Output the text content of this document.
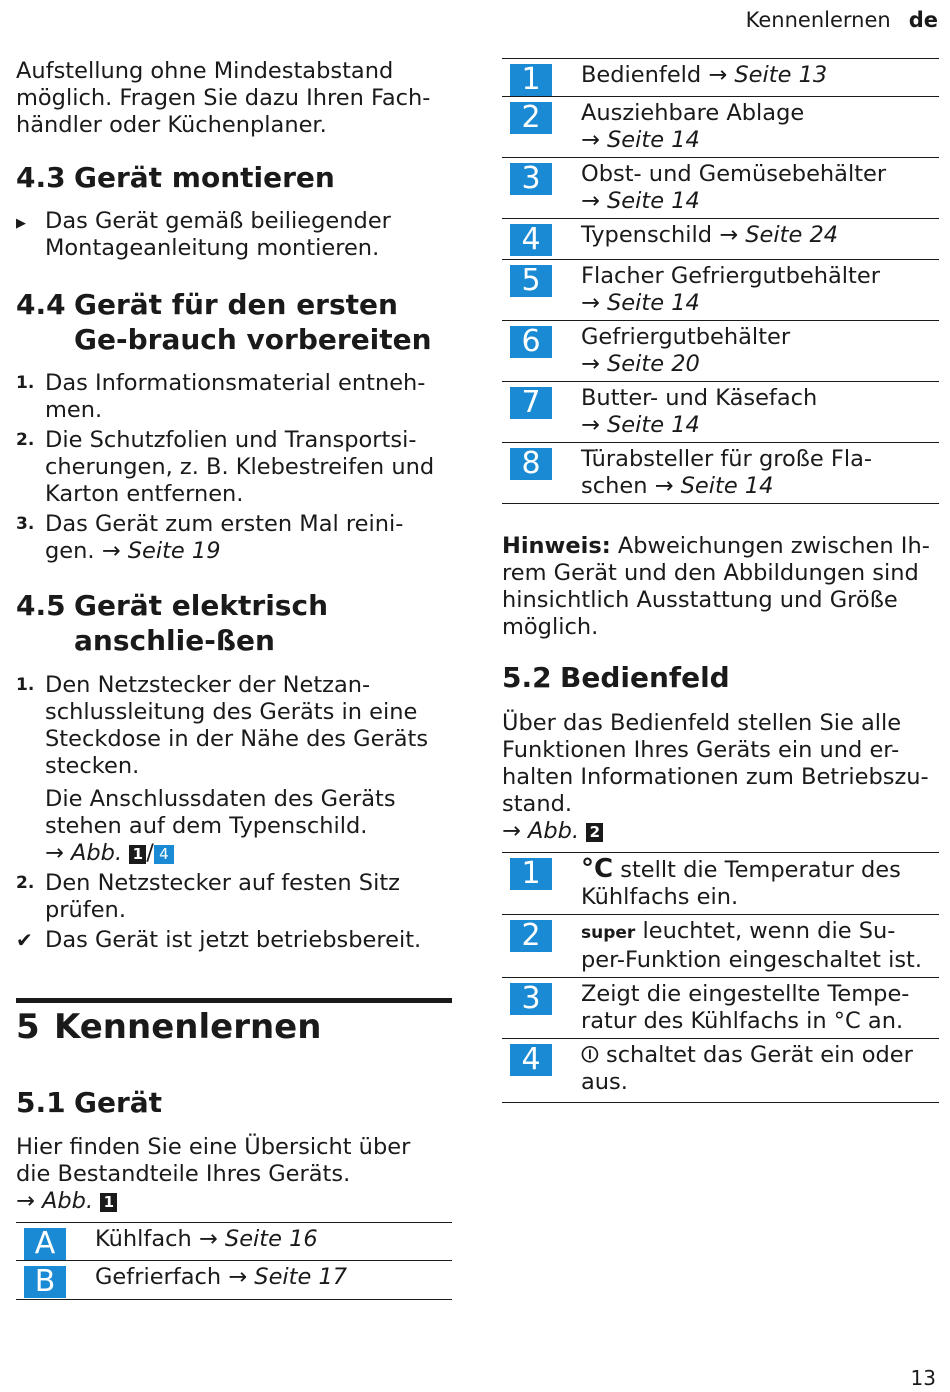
Kennenlernen de

Aufstellung ohne Mindestabstand möglich. Fragen Sie dazu Ihren Fach-händler oder Küchenplaner.

4.3 Gerät montieren
▶ Das Gerät gemäß beiliegender Montageanleitung montieren.
4.4 Gerät für den ersten Ge-brauch vorbereiten
1. Das Informationsmaterial entneh-men.
2. Die Schutzfolien und Transportsi-cherungen, z. B. Klebestreifen und Karton entfernen.
3. Das Gerät zum ersten Mal reini-gen. → Seite 19
4.5 Gerät elektrisch anschlie-ßen
1. Den Netzstecker der Netzan-schlussleitung des Geräts in eine Steckdose in der Nähe des Geräts stecken.
Die Anschlussdaten des Geräts stehen auf dem Typenschild.
→ Abb. 1 / 4
2. Den Netzstecker auf festen Sitz prüfen.
✔ Das Gerät ist jetzt betriebsbereit.
5 Kennenlernen
5.1 Gerät

Hier finden Sie eine Übersicht über die Bestandteile Ihres Geräts.

→ Abb. 1

A	Kühlfach → Seite 16
B	Gefrierfach → Seite 17
1	Bedienfeld → Seite 13
2	Ausziehbare Ablage
→ Seite 14
3	Obst- und Gemüsebehälter
→ Seite 14
4	Typenschild → Seite 24
5	Flacher Gefriergutbehälter
→ Seite 14
6	Gefriergutbehälter
→ Seite 20
7	Butter- und Käsefach
→ Seite 14
8	Türabsteller für große Fla-
schen → Seite 14

Hinweis: Abweichungen zwischen Ih-rem Gerät und den Abbildungen sind hinsichtlich Ausstattung und Größe möglich.

5.2 Bedienfeld

Über das Bedienfeld stellen Sie alle Funktionen Ihres Geräts ein und er-halten Informationen zum Betriebszu-stand.

→ Abb. 2

1	°C stellt die Temperatur des Kühlfachs ein.
2	super leuchtet, wenn die Su-per-Funktion eingeschaltet ist.
3	Zeigt die eingestellte Tempe-ratur des Kühlfachs in °C an.
4	⏼ schaltet das Gerät ein oder aus.
13
